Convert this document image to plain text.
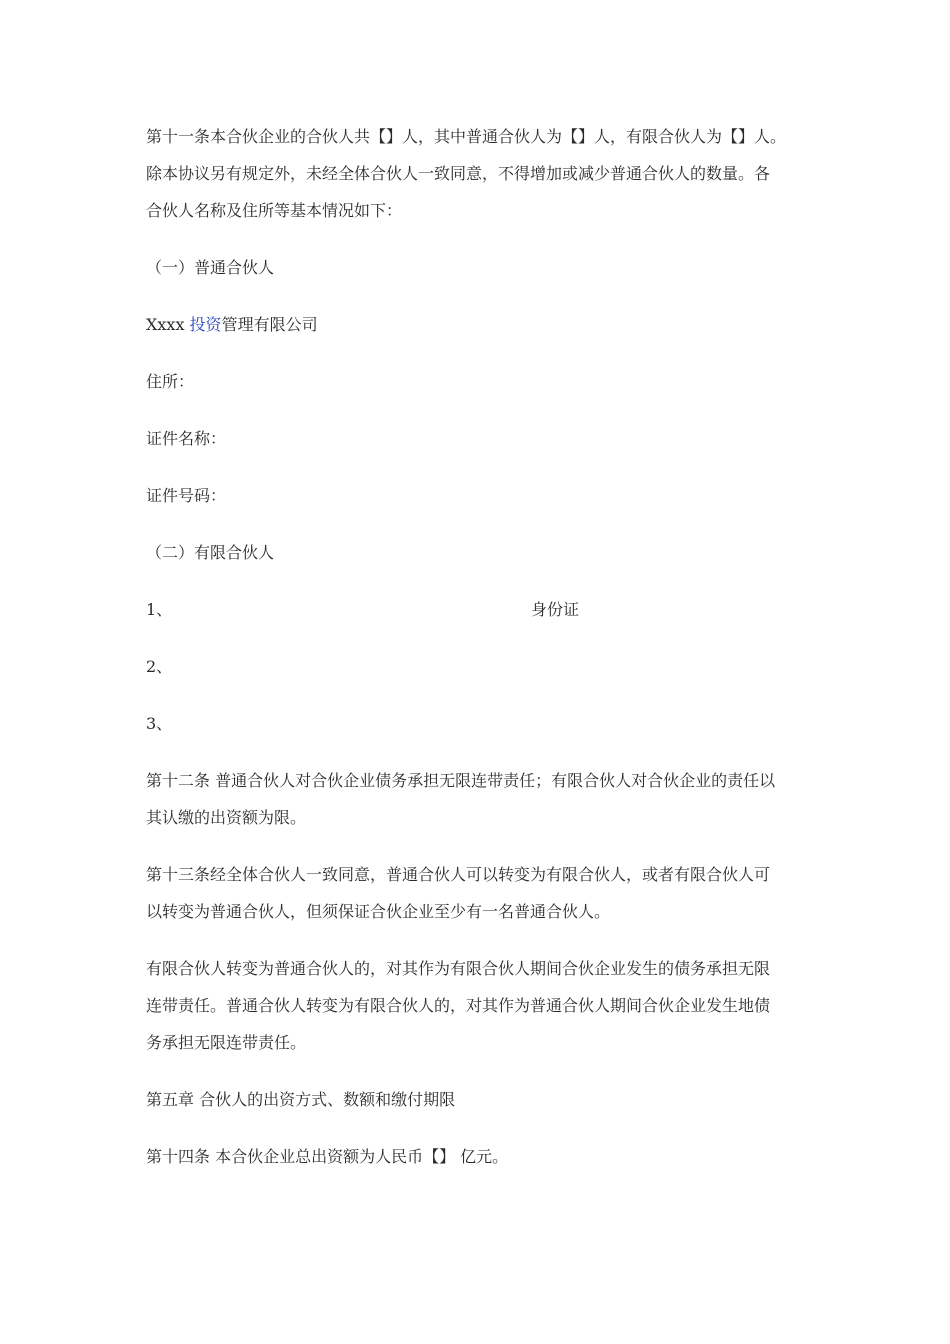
第十一条本合伙企业的合伙人共【】人，其中普通合伙人为【】人，有限合伙人为【】人。
除本协议另有规定外，未经全体合伙人一致同意，不得增加或减少普通合伙人的数量。各
合伙人名称及住所等基本情况如下：

（一）普通合伙人

Xxxx 投资管理有限公司

住所：

证件名称：

证件号码：

（二）有限合伙人

1、	身份证

2、

3、

第十二条 普通合伙人对合伙企业债务承担无限连带责任；有限合伙人对合伙企业的责任以
其认缴的出资额为限。

第十三条经全体合伙人一致同意，普通合伙人可以转变为有限合伙人，或者有限合伙人可
以转变为普通合伙人，但须保证合伙企业至少有一名普通合伙人。

有限合伙人转变为普通合伙人的，对其作为有限合伙人期间合伙企业发生的债务承担无限
连带责任。普通合伙人转变为有限合伙人的，对其作为普通合伙人期间合伙企业发生地债
务承担无限连带责任。

第五章 合伙人的出资方式、数额和缴付期限

第十四条 本合伙企业总出资额为人民币【】 亿元。
